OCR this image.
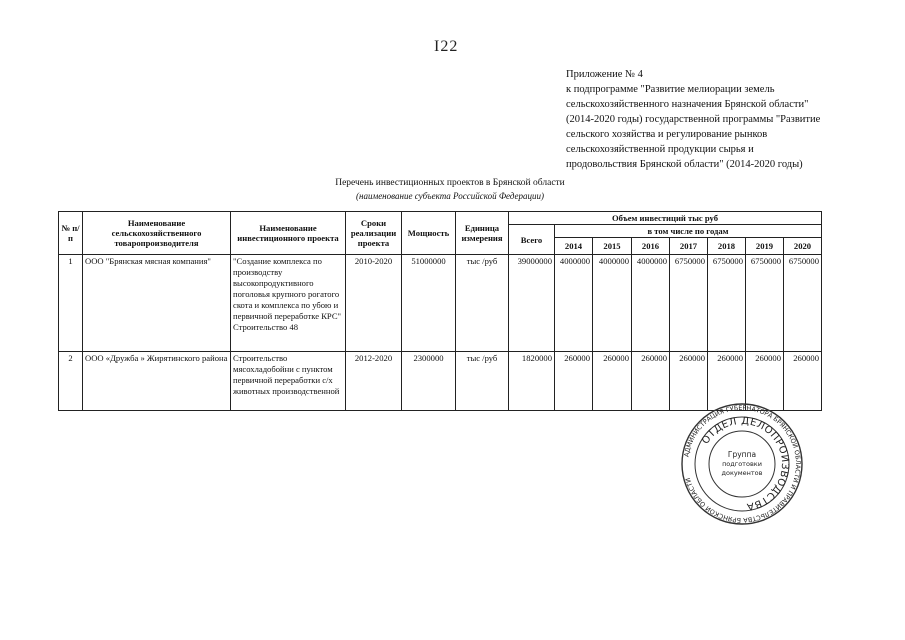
I22
Приложение № 4
к подпрограмме "Развитие мелиорации земель
сельскохозяйственного назначения Брянской области"
(2014-2020 годы) государственной программы "Развитие
сельского хозяйства и регулирование рынков
сельскохозяйственной продукции сырья и
продовольствия Брянской области" (2014-2020 годы)
Перечень инвестиционных проектов в Брянской области
(наименование субъекта Российской Федерации)
№ п/п	Наименование сельскохозяйственного товаропроизводителя	Наименование инвестиционного проекта	Сроки реализации проекта	Мощность	Единица измерения	Объем инвестиций тыс руб							
						Всего	в том числе по годам						
							2014	2015	2016	2017	2018	2019	2020
1	ООО "Брянская мясная компания"	"Создание комплекса по производству высокопродуктивного поголовья крупного рогатого скота и комплекса по убою и первичной переработке КРС" Строительство 48	2010-2020	51000000	тыс /руб	39000000	4000000	4000000	4000000	6750000	6750000	6750000	6750000
2	ООО «Дружба » Жирятинского района	Строительство мясохладобойни с пунктом первичной переработки с/х животных производственной	2012-2020	2300000	тыс /руб	1820000	260000	260000	260000	260000	260000	260000	260000
АДМИНИСТРАЦИЯ ГУБЕРНАТОРА БРЯНСКОЙ ОБЛАСТИ И ПРАВИТЕЛЬСТВА БРЯНСКОЙ ОБЛАСТИ
ОТДЕЛ ДЕЛОПРОИЗВОДСТВА
Группа
подготовки
документов
